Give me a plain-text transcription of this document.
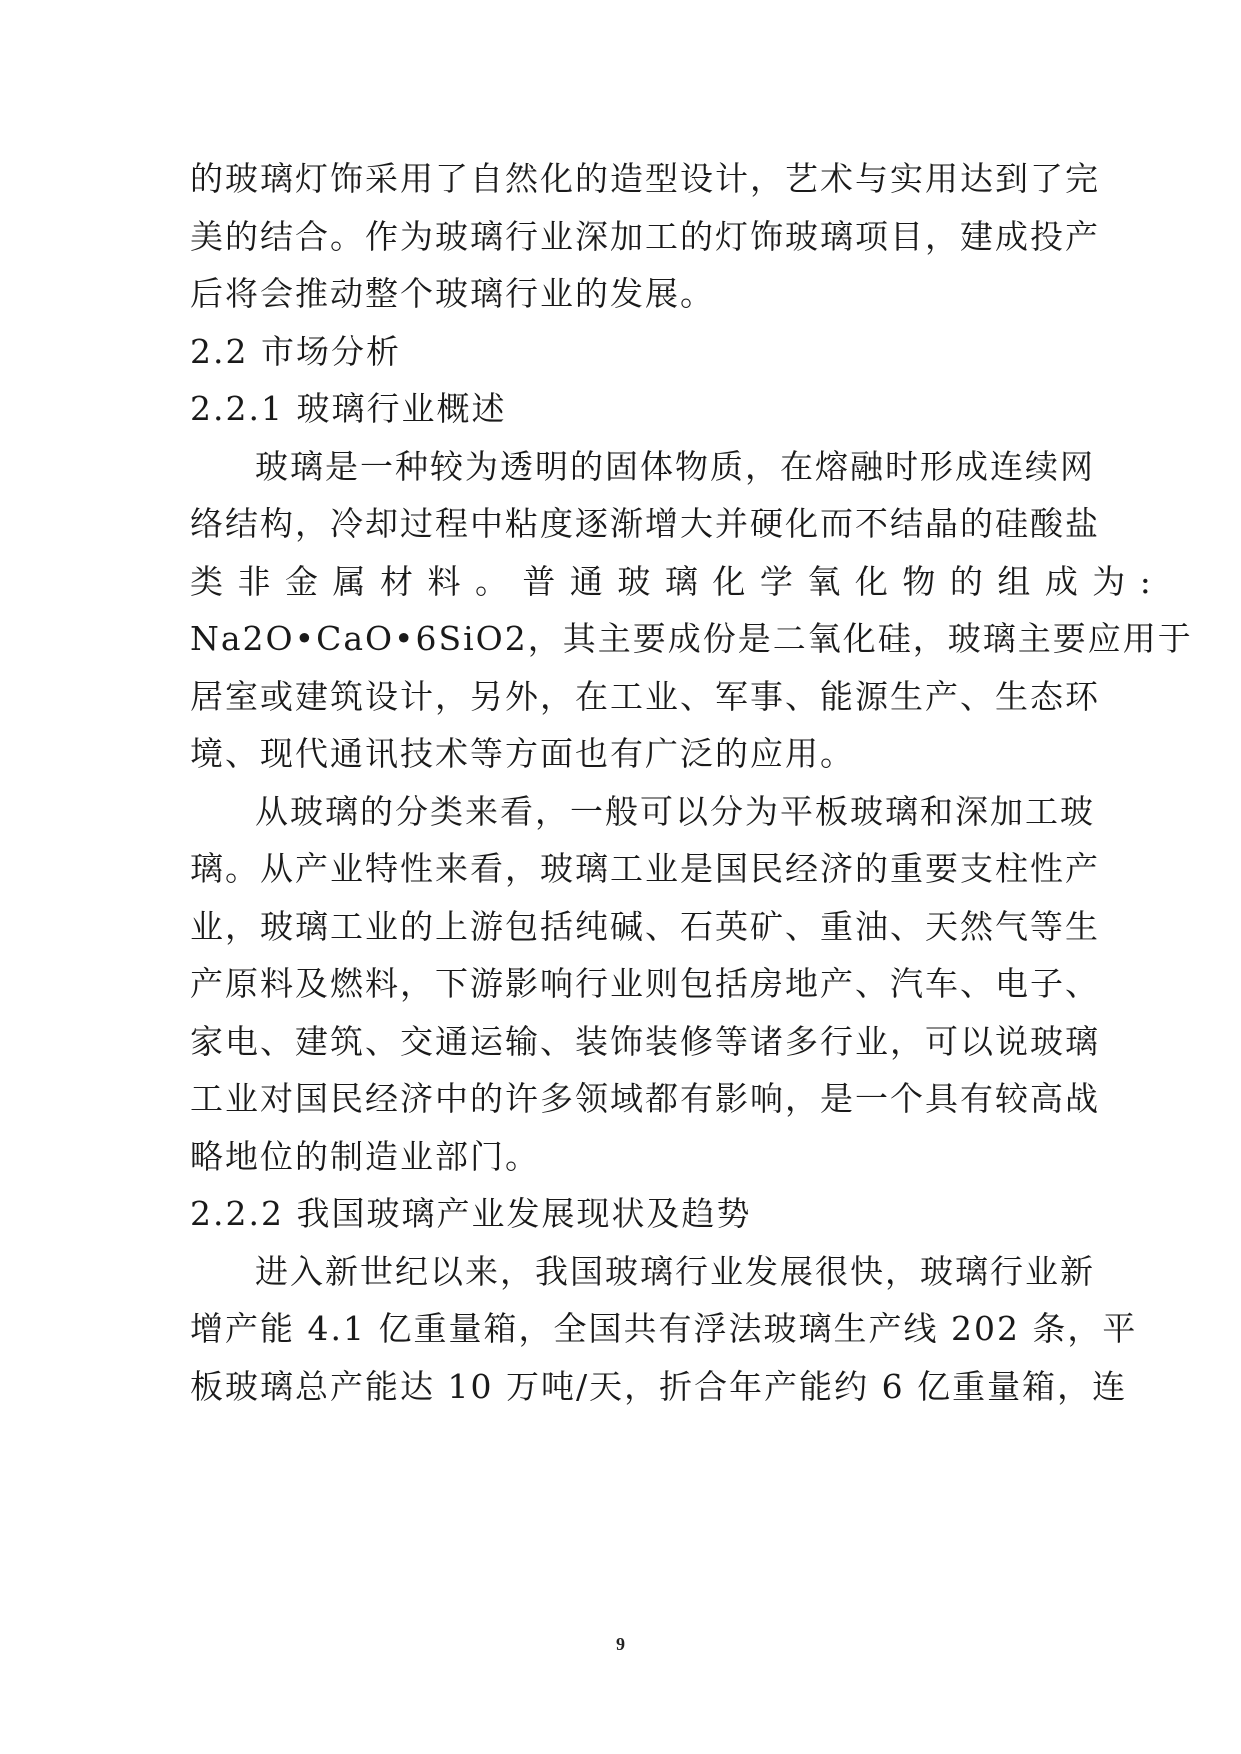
的玻璃灯饰采用了自然化的造型设计，艺术与实用达到了完
美的结合。作为玻璃行业深加工的灯饰玻璃项目，建成投产
后将会推动整个玻璃行业的发展。
2.2 市场分析
2.2.1 玻璃行业概述
玻璃是一种较为透明的固体物质，在熔融时形成连续网
络结构，冷却过程中粘度逐渐增大并硬化而不结晶的硅酸盐
类 非 金 属 材 料 。 普 通 玻 璃 化 学 氧 化 物 的 组 成 为 :
Na2O•CaO•6SiO2，其主要成份是二氧化硅，玻璃主要应用于
居室或建筑设计，另外，在工业、军事、能源生产、生态环
境、现代通讯技术等方面也有广泛的应用。
从玻璃的分类来看，一般可以分为平板玻璃和深加工玻
璃。从产业特性来看，玻璃工业是国民经济的重要支柱性产
业，玻璃工业的上游包括纯碱、石英矿、重油、天然气等生
产原料及燃料，下游影响行业则包括房地产、汽车、电子、
家电、建筑、交通运输、装饰装修等诸多行业，可以说玻璃
工业对国民经济中的许多领域都有影响，是一个具有较高战
略地位的制造业部门。
2.2.2 我国玻璃产业发展现状及趋势
进入新世纪以来，我国玻璃行业发展很快，玻璃行业新
增产能 4.1 亿重量箱，全国共有浮法玻璃生产线 202 条，平
板玻璃总产能达 10 万吨/天，折合年产能约 6 亿重量箱，连
9
